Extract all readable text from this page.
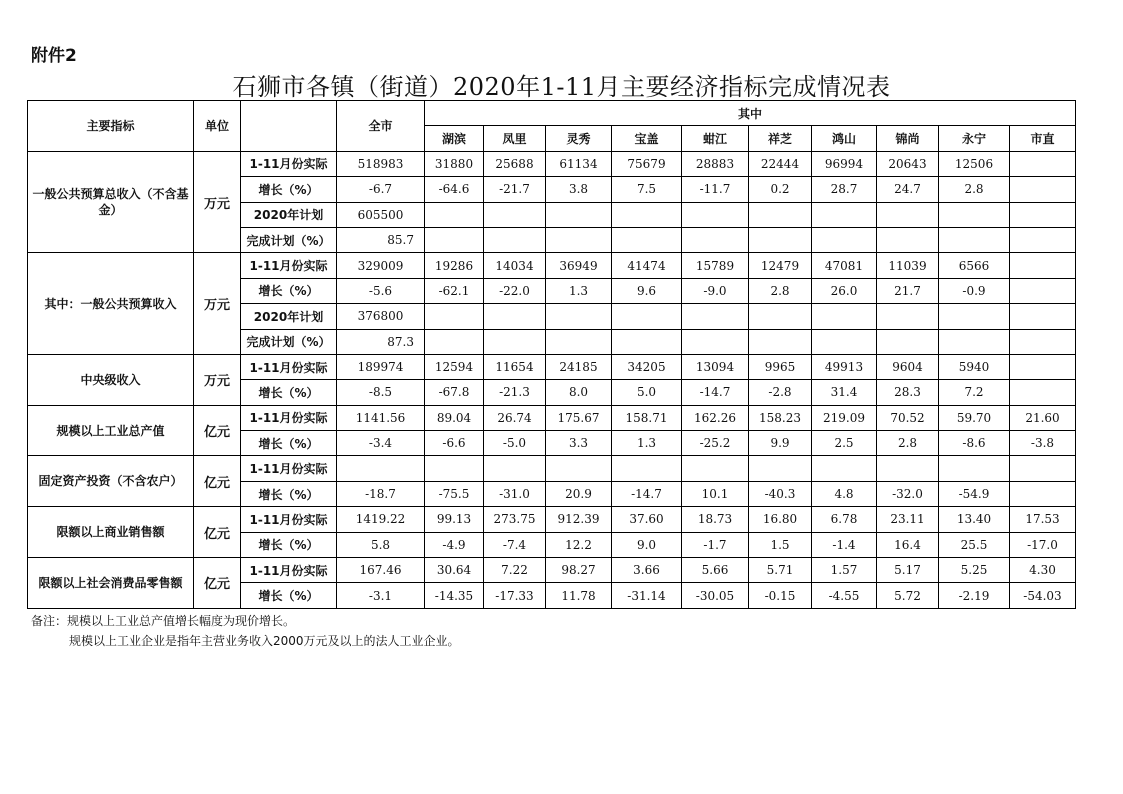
附件2
石狮市各镇（街道）2020年1-11月主要经济指标完成情况表
主要指标	单位		全市	其中									
				湖滨	凤里	灵秀	宝盖	蚶江	祥芝	鸿山	锦尚	永宁	市直
一般公共预算总收入（不含基金）	万元	1-11月份实际	518983	31880	25688	61134	75679	28883	22444	96994	20643	12506	
		增长（%）	-6.7	-64.6	-21.7	3.8	7.5	-11.7	0.2	28.7	24.7	2.8	
		2020年计划	605500										
		完成计划（%）	85.7										
其中：一般公共预算收入	万元	1-11月份实际	329009	19286	14034	36949	41474	15789	12479	47081	11039	6566	
		增长（%）	-5.6	-62.1	-22.0	1.3	9.6	-9.0	2.8	26.0	21.7	-0.9	
		2020年计划	376800										
		完成计划（%）	87.3										
中央级收入	万元	1-11月份实际	189974	12594	11654	24185	34205	13094	9965	49913	9604	5940	
		增长（%）	-8.5	-67.8	-21.3	8.0	5.0	-14.7	-2.8	31.4	28.3	7.2	
规模以上工业总产值	亿元	1-11月份实际	1141.56	89.04	26.74	175.67	158.71	162.26	158.23	219.09	70.52	59.70	21.60
		增长（%）	-3.4	-6.6	-5.0	3.3	1.3	-25.2	9.9	2.5	2.8	-8.6	-3.8
固定资产投资（不含农户）	亿元	1-11月份实际											
		增长（%）	-18.7	-75.5	-31.0	20.9	-14.7	10.1	-40.3	4.8	-32.0	-54.9	
限额以上商业销售额	亿元	1-11月份实际	1419.22	99.13	273.75	912.39	37.60	18.73	16.80	6.78	23.11	13.40	17.53
		增长（%）	5.8	-4.9	-7.4	12.2	9.0	-1.7	1.5	-1.4	16.4	25.5	-17.0
限额以上社会消费品零售额	亿元	1-11月份实际	167.46	30.64	7.22	98.27	3.66	5.66	5.71	1.57	5.17	5.25	4.30
		增长（%）	-3.1	-14.35	-17.33	11.78	-31.14	-30.05	-0.15	-4.55	5.72	-2.19	-54.03
备注：规模以上工业总产值增长幅度为现价增长。
规模以上工业企业是指年主营业务收入2000万元及以上的法人工业企业。
